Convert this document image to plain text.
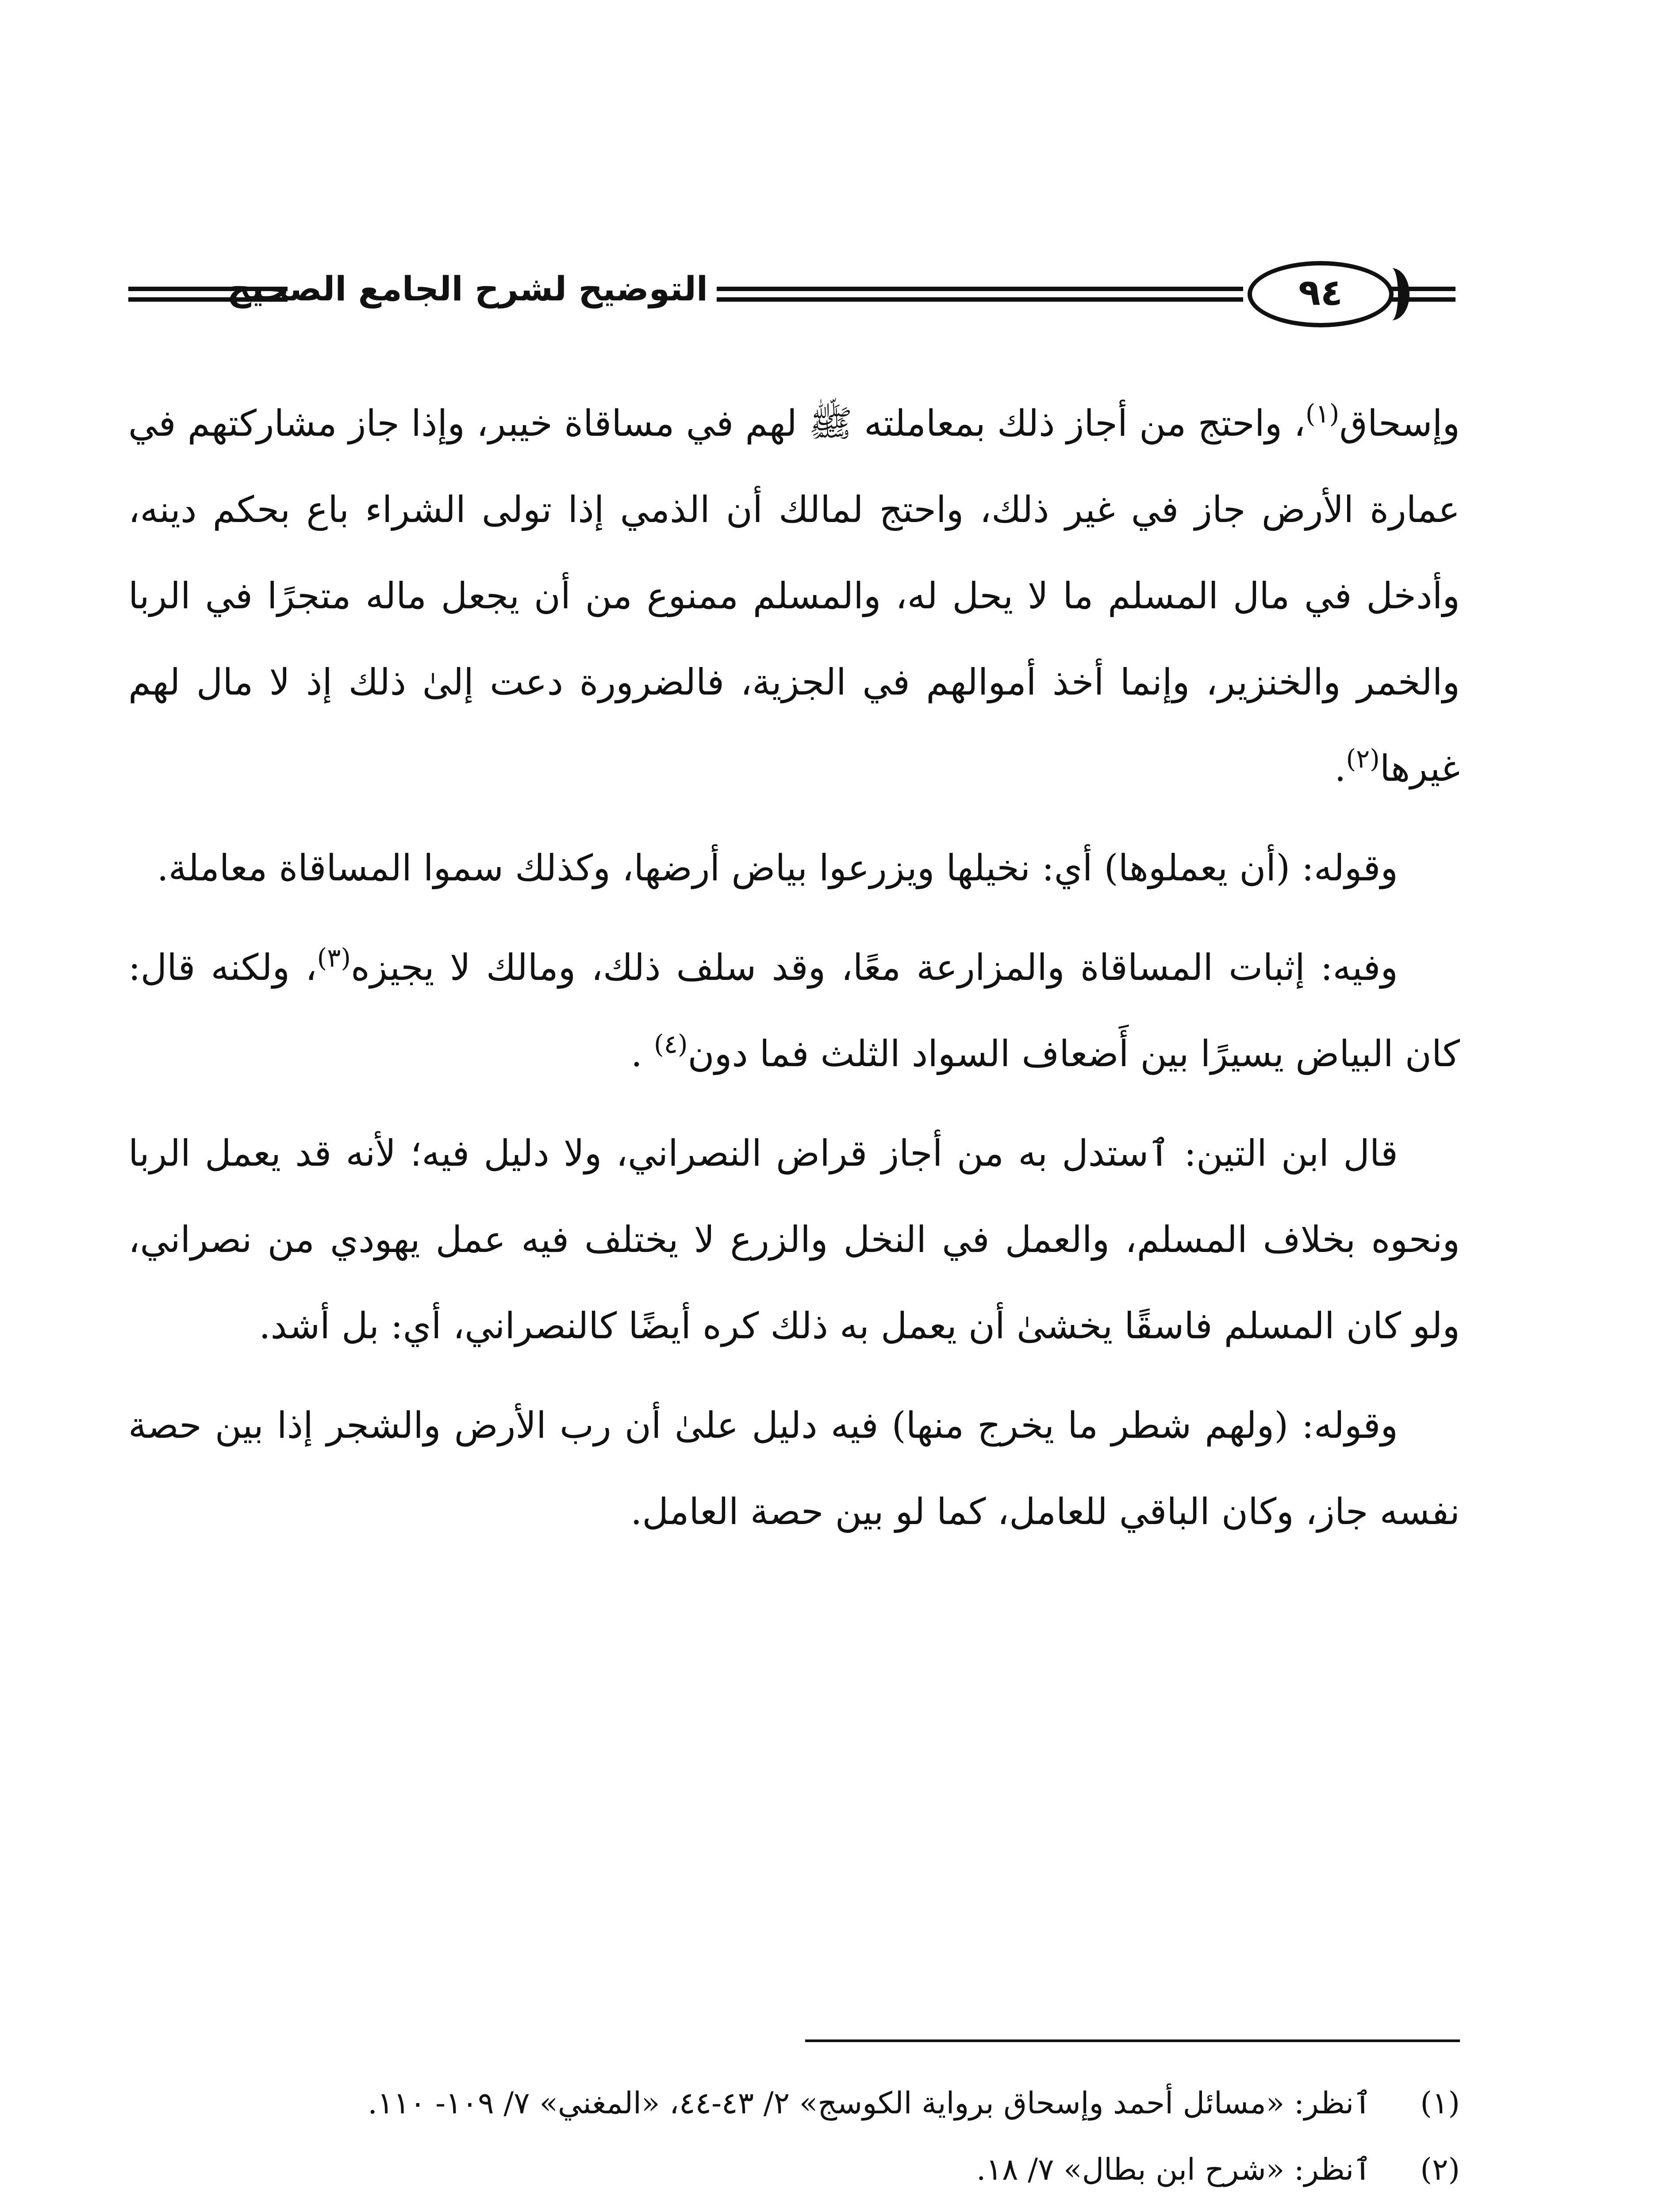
التوضيح لشرح الجامع الصحيح	٩٤

وإسحاق$^{(١)}$، واحتج من أجاز ذلك بمعاملته ﷺ لهم في مساقاة خيبر، وإذا جاز مشاركتهم في عمارة الأرض جاز في غير ذلك، واحتج لمالك أن الذمي إذا تولى الشراء باع بحكم دينه، وأدخل في مال المسلم ما لا يحل له، والمسلم ممنوع من أن يجعل ماله متجرًا في الربا والخمر والخنزير، وإنما أخذ أموالهم في الجزية، فالضرورة دعت إلىٰ ذلك إذ لا مال لهم غيرها$^{(٢)}$.

وقوله: (أن يعملوها) أي: نخيلها ويزرعوا بياض أرضها، وكذلك سموا المساقاة معاملة.

وفيه: إثبات المساقاة والمزارعة معًا، وقد سلف ذلك، ومالك لا يجيزه$^{(٣)}$، ولكنه قال: كان البياض يسيرًا بين أَضعاف السواد الثلث فما دون$^{(٤)}$ .

قال ابن التين: ٱستدل به من أجاز قراض النصراني، ولا دليل فيه؛ لأنه قد يعمل الربا ونحوه بخلاف المسلم، والعمل في النخل والزرع لا يختلف فيه عمل يهودي من نصراني، ولو كان المسلم فاسقًا يخشىٰ أن يعمل به ذلك كره أيضًا كالنصراني، أي: بل أشد.

وقوله: (ولهم شطر ما يخرج منها) فيه دليل علىٰ أن رب الأرض والشجر إذا بين حصة نفسه جاز، وكان الباقي للعامل، كما لو بين حصة العامل.

(١)
ٱنظر: «مسائل أحمد وإسحاق برواية الكوسج» ٢/ ٤٣-٤٤، «المغني» ٧/ ١٠٩- ١١٠.
(٢)
ٱنظر: «شرح ابن بطال» ٧/ ١٨.
